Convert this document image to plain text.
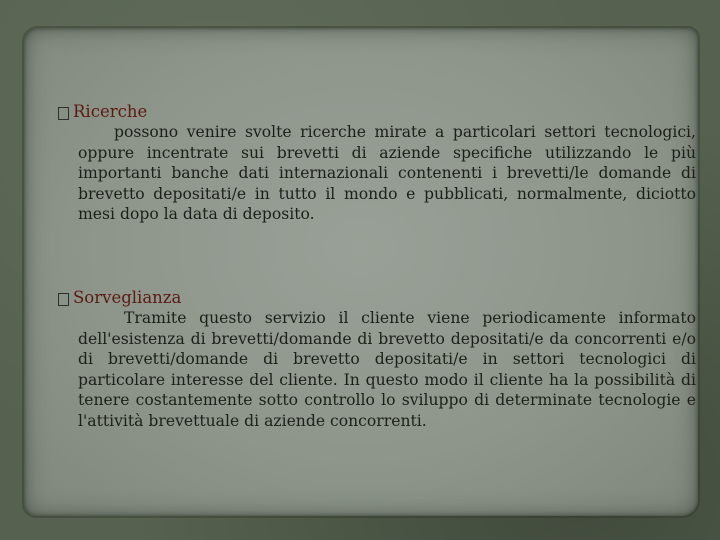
Ricerche

possono venire svolte ricerche mirate a particolari settori tecnologici, oppure incentrate sui brevetti di aziende specifiche utilizzando le più importanti banche dati internazionali contenenti i brevetti/le domande di brevetto depositati/e in tutto il mondo e pubblicati, normalmente, diciotto mesi dopo la data di deposito.

Sorveglianza

Tramite questo servizio il cliente viene periodicamente informato dell'esistenza di brevetti/domande di brevetto depositati/e da concorrenti e/o di brevetti/domande di brevetto depositati/e in settori tecnologici di particolare interesse del cliente. In questo modo il cliente ha la possibilità di tenere costantemente sotto controllo lo sviluppo di determinate tecnologie e l'attività brevettuale di aziende concorrenti.
